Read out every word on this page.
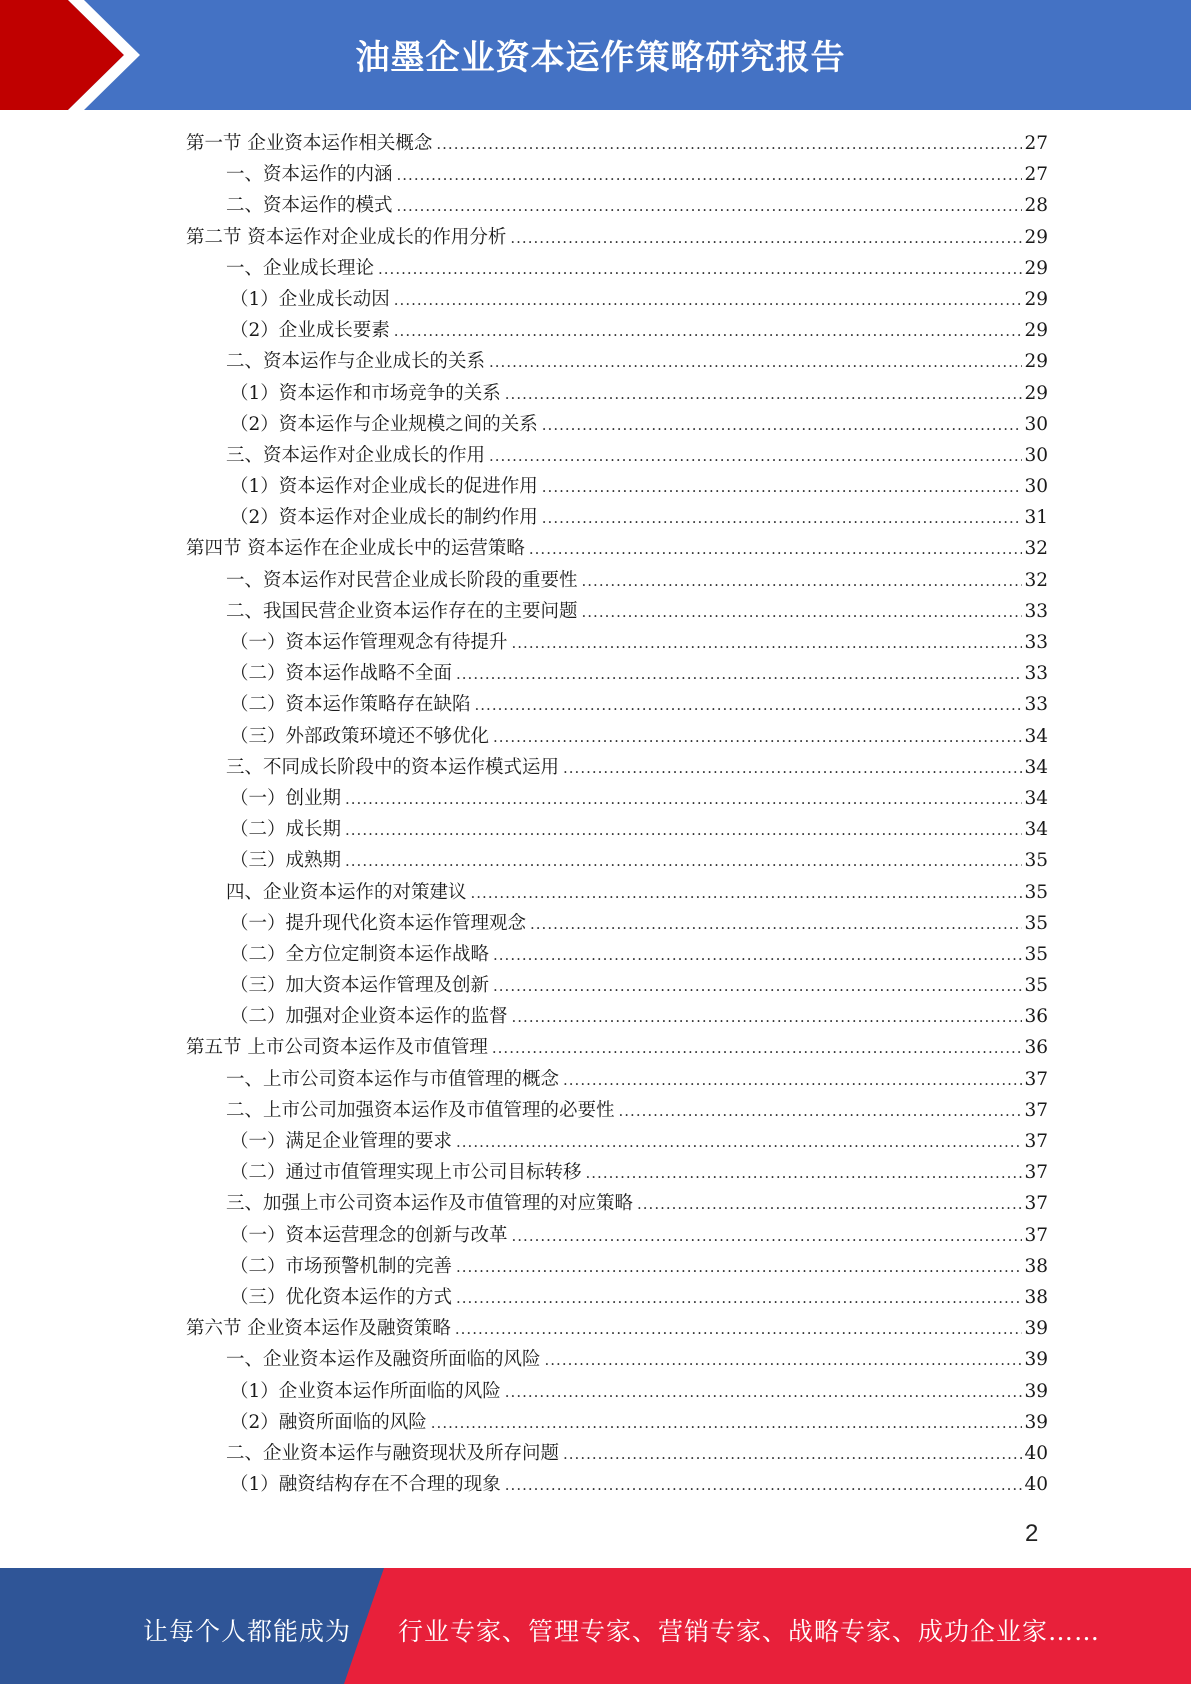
油墨企业资本运作策略研究报告
第一节 企业资本运作相关概念 .....	27
一、资本运作的内涵 .....	27
二、资本运作的模式 .....	28
第二节 资本运作对企业成长的作用分析 .....	29
一、企业成长理论 .....	29
（1）企业成长动因 .....	29
（2）企业成长要素 .....	29
二、资本运作与企业成长的关系 .....	29
（1）资本运作和市场竞争的关系 .....	29
（2）资本运作与企业规模之间的关系 .....	30
三、资本运作对企业成长的作用 .....	30
（1）资本运作对企业成长的促进作用 .....	30
（2）资本运作对企业成长的制约作用 .....	31
第四节 资本运作在企业成长中的运营策略 .....	32
一、资本运作对民营企业成长阶段的重要性 .....	32
二、我国民营企业资本运作存在的主要问题 .....	33
（一）资本运作管理观念有待提升 .....	33
（二）资本运作战略不全面 .....	33
（二）资本运作策略存在缺陷 .....	33
（三）外部政策环境还不够优化 .....	34
三、不同成长阶段中的资本运作模式运用 .....	34
（一）创业期 .....	34
（二）成长期 .....	34
（三）成熟期 .....	35
四、企业资本运作的对策建议 .....	35
（一）提升现代化资本运作管理观念 .....	35
（二）全方位定制资本运作战略 .....	35
（三）加大资本运作管理及创新 .....	35
（二）加强对企业资本运作的监督 .....	36
第五节 上市公司资本运作及市值管理 .....	36
一、上市公司资本运作与市值管理的概念 .....	37
二、上市公司加强资本运作及市值管理的必要性 .....	37
（一）满足企业管理的要求 .....	37
（二）通过市值管理实现上市公司目标转移 .....	37
三、加强上市公司资本运作及市值管理的对应策略 .....	37
（一）资本运营理念的创新与改革 .....	37
（二）市场预警机制的完善 .....	38
（三）优化资本运作的方式 .....	38
第六节 企业资本运作及融资策略 .....	39
一、企业资本运作及融资所面临的风险 .....	39
（1）企业资本运作所面临的风险 .....	39
（2）融资所面临的风险 .....	39
二、企业资本运作与融资现状及所存问题 .....	40
（1）融资结构存在不合理的现象 .....	40
2
让每个人都能成为 行业专家、管理专家、营销专家、战略专家、成功企业家……
